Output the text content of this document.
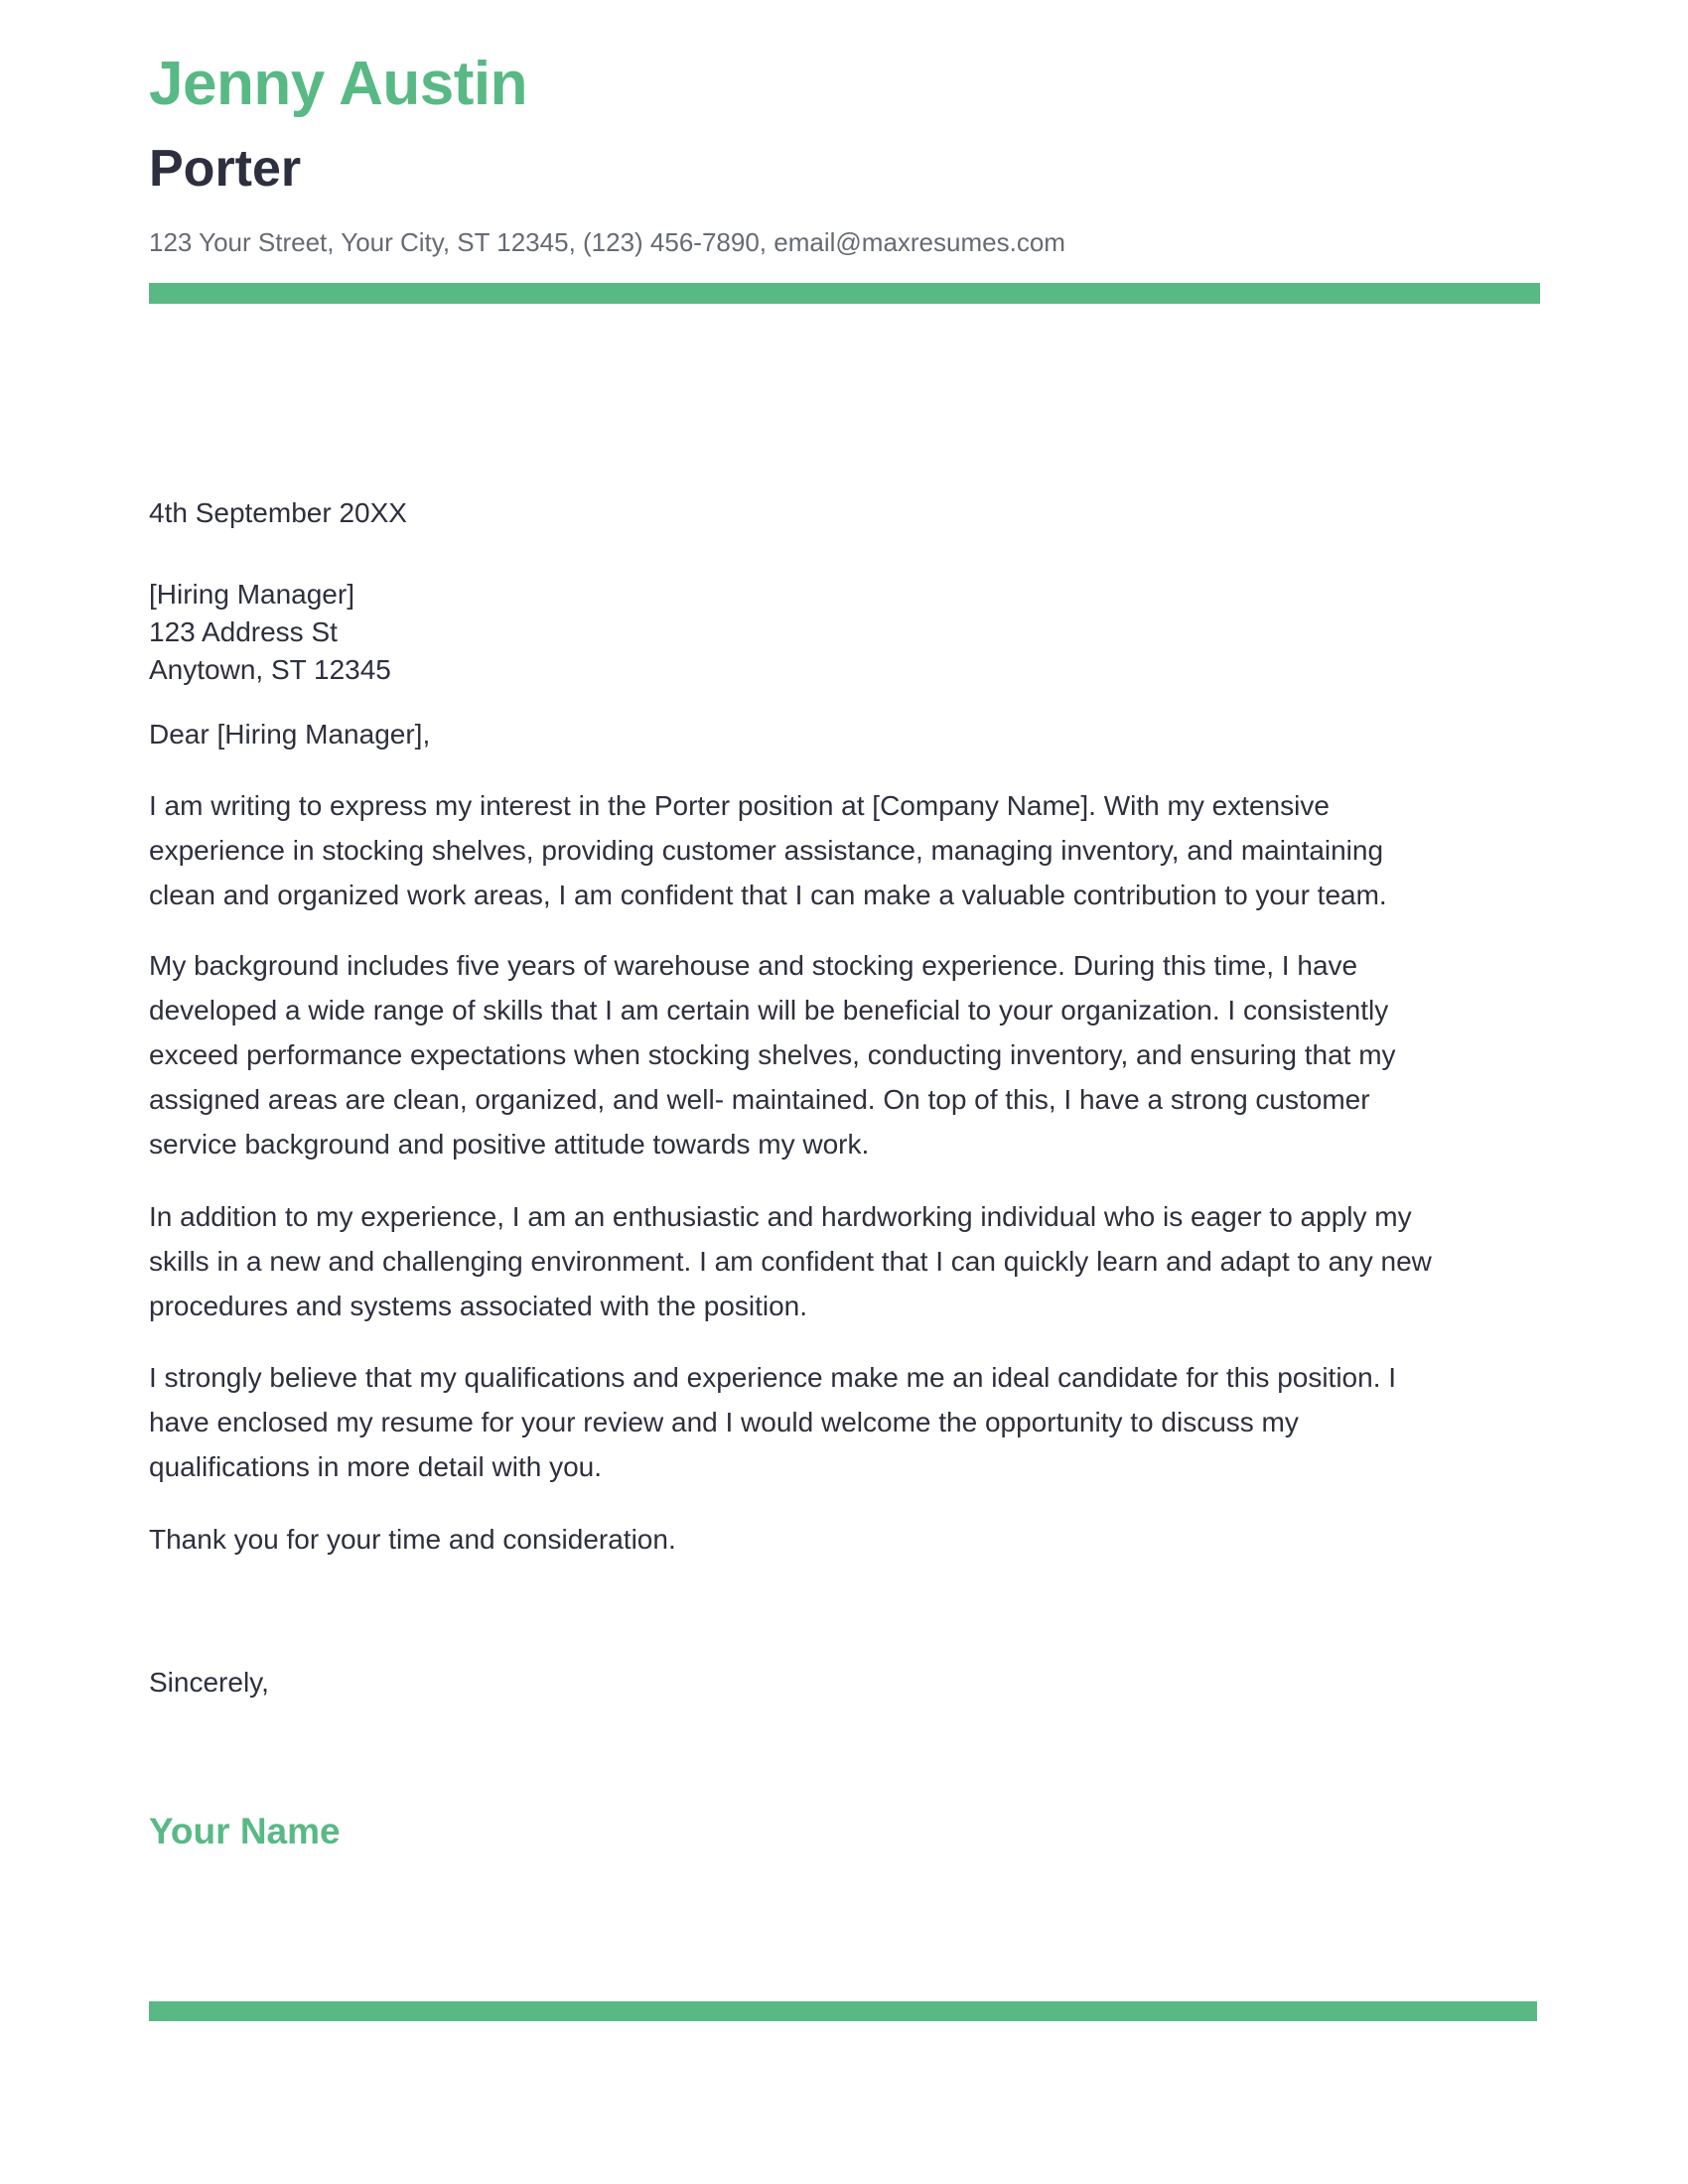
Jenny Austin
Porter
123 Your Street, Your City, ST 12345, (123) 456-7890, email@maxresumes.com
4th September 20XX
[Hiring Manager]
123 Address St
Anytown, ST 12345
Dear [Hiring Manager],
I am writing to express my interest in the Porter position at [Company Name]. With my extensive
experience in stocking shelves, providing customer assistance, managing inventory, and maintaining
clean and organized work areas, I am confident that I can make a valuable contribution to your team.
My background includes five years of warehouse and stocking experience. During this time, I have
developed a wide range of skills that I am certain will be beneficial to your organization. I consistently
exceed performance expectations when stocking shelves, conducting inventory, and ensuring that my
assigned areas are clean, organized, and well- maintained. On top of this, I have a strong customer
service background and positive attitude towards my work.
In addition to my experience, I am an enthusiastic and hardworking individual who is eager to apply my
skills in a new and challenging environment. I am confident that I can quickly learn and adapt to any new
procedures and systems associated with the position.
I strongly believe that my qualifications and experience make me an ideal candidate for this position. I
have enclosed my resume for your review and I would welcome the opportunity to discuss my
qualifications in more detail with you.
Thank you for your time and consideration.
Sincerely,
Your Name
